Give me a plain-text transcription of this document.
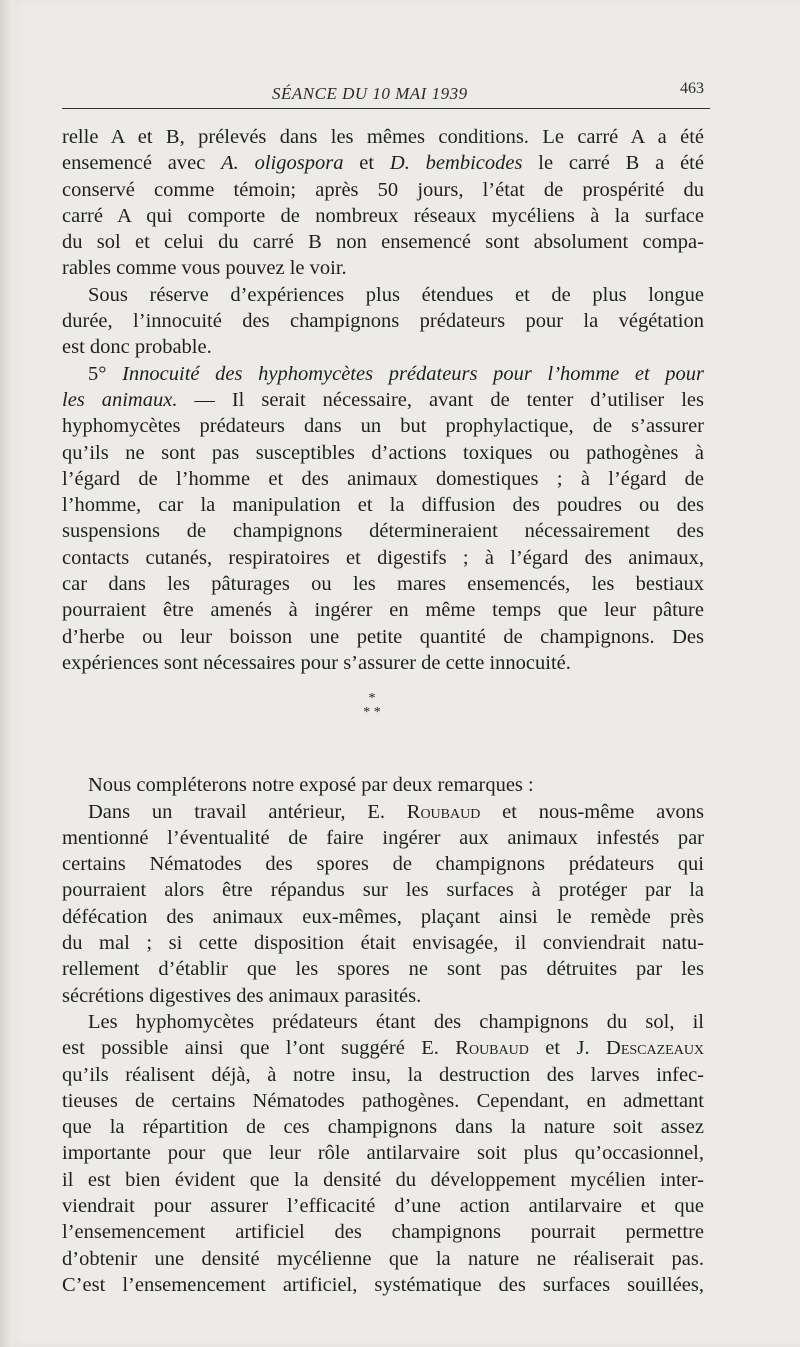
SÉANCE DU 10 MAI 1939	463

relle A et B, prélevés dans les mêmes conditions. Le carré A a été
ensemencé avec A. oligospora et D. bembicodes le carré B a été
conservé comme témoin; après 50 jours, l’état de prospérité du
carré A qui comporte de nombreux réseaux mycéliens à la surface
du sol et celui du carré B non ensemencé sont absolument compa-
rables comme vous pouvez le voir.

Sous réserve d’expériences plus étendues et de plus longue
durée, l’innocuité des champignons prédateurs pour la végétation
est donc probable.

5° Innocuité des hyphomycètes prédateurs pour l’homme et pour
les animaux. — Il serait nécessaire, avant de tenter d’utiliser les
hyphomycètes prédateurs dans un but prophylactique, de s’assurer
qu’ils ne sont pas susceptibles d’actions toxiques ou pathogènes à
l’égard de l’homme et des animaux domestiques ; à l’égard de
l’homme, car la manipulation et la diffusion des poudres ou des
suspensions de champignons détermineraient nécessairement des
contacts cutanés, respiratoires et digestifs ; à l’égard des animaux,
car dans les pâturages ou les mares ensemencés, les bestiaux
pourraient être amenés à ingérer en même temps que leur pâture
d’herbe ou leur boisson une petite quantité de champignons. Des
expériences sont nécessaires pour s’assurer de cette innocuité.

*
* *

Nous compléterons notre exposé par deux remarques :

Dans un travail antérieur, E. Roubaud et nous-même avons
mentionné l’éventualité de faire ingérer aux animaux infestés par
certains Nématodes des spores de champignons prédateurs qui
pourraient alors être répandus sur les surfaces à protéger par la
défécation des animaux eux-mêmes, plaçant ainsi le remède près
du mal ; si cette disposition était envisagée, il conviendrait natu-
rellement d’établir que les spores ne sont pas détruites par les
sécrétions digestives des animaux parasités.

Les hyphomycètes prédateurs étant des champignons du sol, il
est possible ainsi que l’ont suggéré E. Roubaud et J. Descazeaux
qu’ils réalisent déjà, à notre insu, la destruction des larves infec-
tieuses de certains Nématodes pathogènes. Cependant, en admettant
que la répartition de ces champignons dans la nature soit assez
importante pour que leur rôle antilarvaire soit plus qu’occasionnel,
il est bien évident que la densité du développement mycélien inter-
viendrait pour assurer l’efficacité d’une action antilarvaire et que
l’ensemencement artificiel des champignons pourrait permettre
d’obtenir une densité mycélienne que la nature ne réaliserait pas.
C’est l’ensemencement artificiel, systématique des surfaces souillées,
